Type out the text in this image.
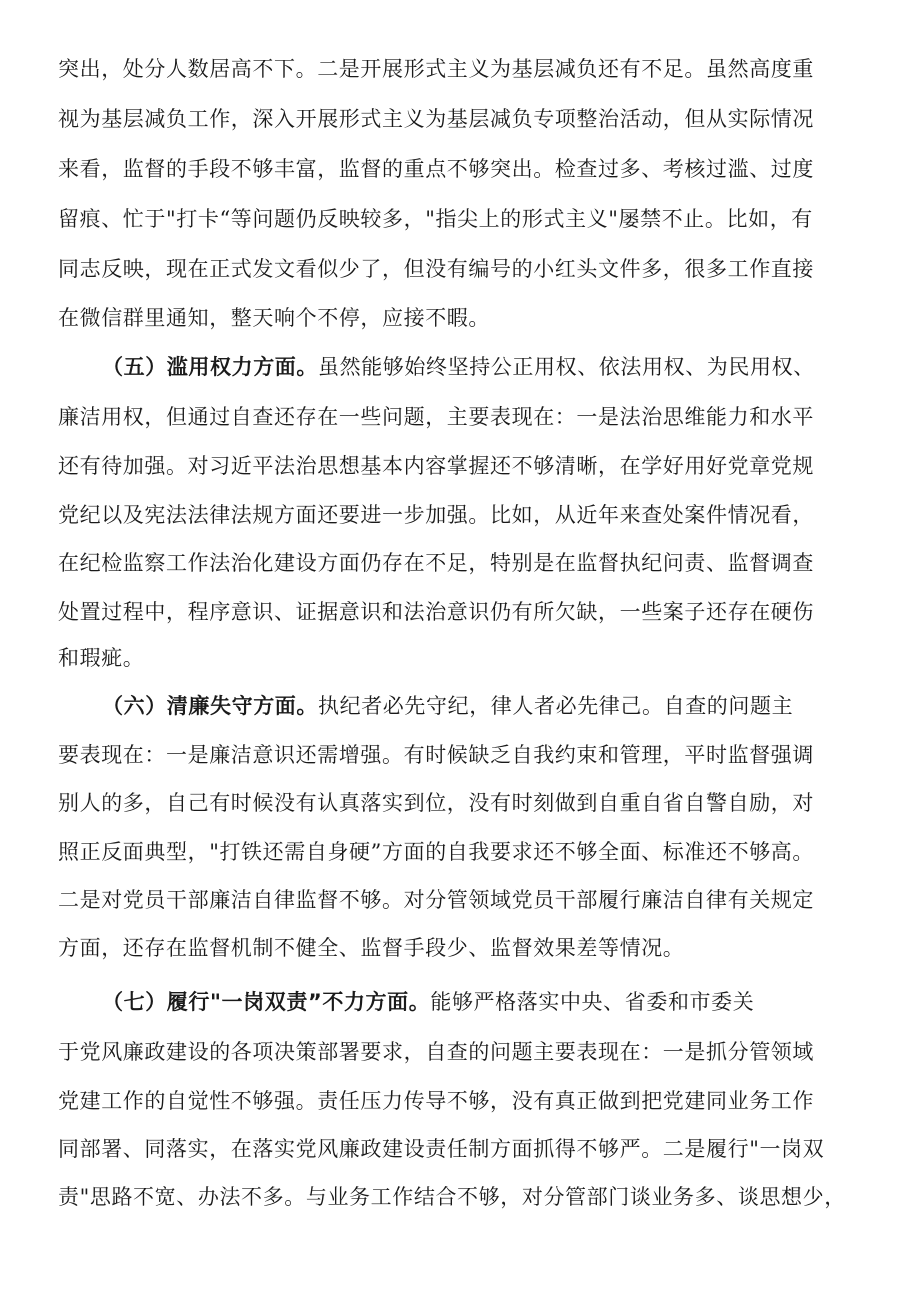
突出，处分人数居高不下。二是开展形式主义为基层减负还有不足。虽然高度重
视为基层减负工作，深入开展形式主义为基层减负专项整治活动，但从实际情况
来看，监督的手段不够丰富，监督的重点不够突出。检查过多、考核过滥、过度
留痕、忙于"打卡“等问题仍反映较多，"指尖上的形式主义"屡禁不止。比如，有
同志反映，现在正式发文看似少了，但没有编号的小红头文件多，很多工作直接
在微信群里通知，整天响个不停，应接不暇。
（五）滥用权力方面。虽然能够始终坚持公正用权、依法用权、为民用权、
廉洁用权，但通过自查还存在一些问题，主要表现在：一是法治思维能力和水平
还有待加强。对习近平法治思想基本内容掌握还不够清晰，在学好用好党章党规
党纪以及宪法法律法规方面还要进一步加强。比如，从近年来查处案件情况看，
在纪检监察工作法治化建设方面仍存在不足，特别是在监督执纪问责、监督调查
处置过程中，程序意识、证据意识和法治意识仍有所欠缺，一些案子还存在硬伤
和瑕疵。
（六）清廉失守方面。执纪者必先守纪，律人者必先律己。自查的问题主
要表现在：一是廉洁意识还需增强。有时候缺乏自我约束和管理，平时监督强调
别人的多，自己有时候没有认真落实到位，没有时刻做到自重自省自警自励，对
照正反面典型，"打铁还需自身硬”方面的自我要求还不够全面、标准还不够高。
二是对党员干部廉洁自律监督不够。对分管领域党员干部履行廉洁自律有关规定
方面，还存在监督机制不健全、监督手段少、监督效果差等情况。
（七）履行"一岗双责”不力方面。能够严格落实中央、省委和市委关
于党风廉政建设的各项决策部署要求，自查的问题主要表现在：一是抓分管领域
党建工作的自觉性不够强。责任压力传导不够，没有真正做到把党建同业务工作
同部署、同落实，在落实党风廉政建设责任制方面抓得不够严。二是履行"一岗双
责"思路不宽、办法不多。与业务工作结合不够，对分管部门谈业务多、谈思想少，
